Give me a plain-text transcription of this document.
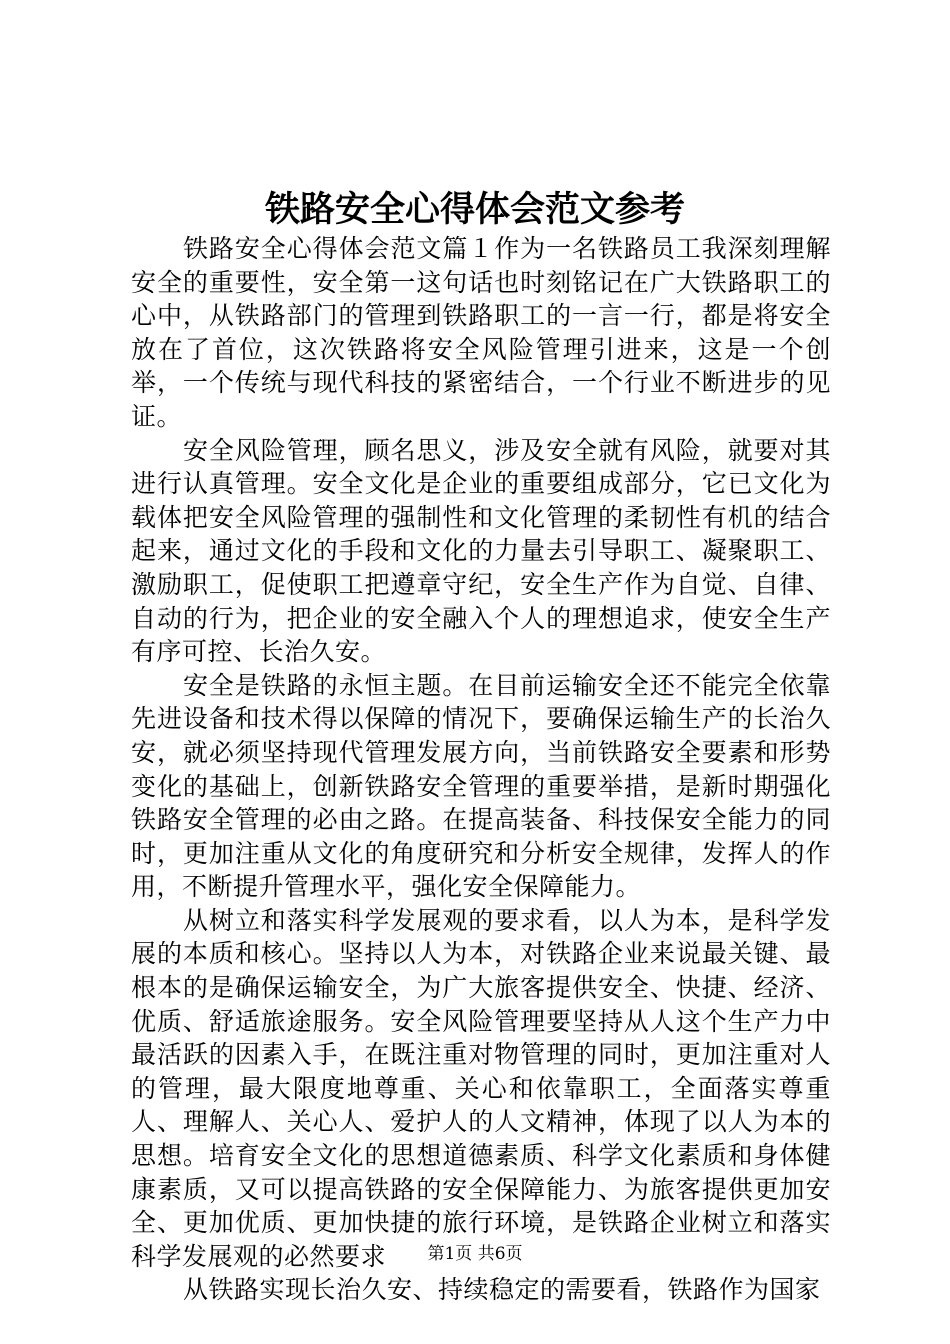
铁路安全心得体会范文参考

铁路安全心得体会范文篇１作为一名铁路员工我深刻理解安全的重要性，安全第一这句话也时刻铭记在广大铁路职工的心中，从铁路部门的管理到铁路职工的一言一行，都是将安全放在了首位，这次铁路将安全风险管理引进来，这是一个创举，一个传统与现代科技的紧密结合，一个行业不断进步的见证。

安全风险管理，顾名思义，涉及安全就有风险，就要对其进行认真管理。安全文化是企业的重要组成部分，它已文化为载体把安全风险管理的强制性和文化管理的柔韧性有机的结合起来，通过文化的手段和文化的力量去引导职工、凝聚职工、激励职工，促使职工把遵章守纪，安全生产作为自觉、自律、自动的行为，把企业的安全融入个人的理想追求，使安全生产有序可控、长治久安。

安全是铁路的永恒主题。在目前运输安全还不能完全依靠先进设备和技术得以保障的情况下，要确保运输生产的长治久安，就必须坚持现代管理发展方向，当前铁路安全要素和形势变化的基础上，创新铁路安全管理的重要举措，是新时期强化铁路安全管理的必由之路。在提高装备、科技保安全能力的同时，更加注重从文化的角度研究和分析安全规律，发挥人的作用，不断提升管理水平，强化安全保障能力。

从树立和落实科学发展观的要求看，以人为本，是科学发展的本质和核心。坚持以人为本，对铁路企业来说最关键、最根本的是确保运输安全，为广大旅客提供安全、快捷、经济、优质、舒适旅途服务。安全风险管理要坚持从人这个生产力中最活跃的因素入手，在既注重对物管理的同时，更加注重对人的管理，最大限度地尊重、关心和依靠职工，全面落实尊重人、理解人、关心人、爱护人的人文精神，体现了以人为本的思想。培育安全文化的思想道德素质、科学文化素质和身体健康素质，又可以提高铁路的安全保障能力、为旅客提供更加安全、更加优质、更加快捷的旅行环境，是铁路企业树立和落实科学发展观的必然要求

从铁路实现长治久安、持续稳定的需要看，铁路作为国家

第1页 共6页
